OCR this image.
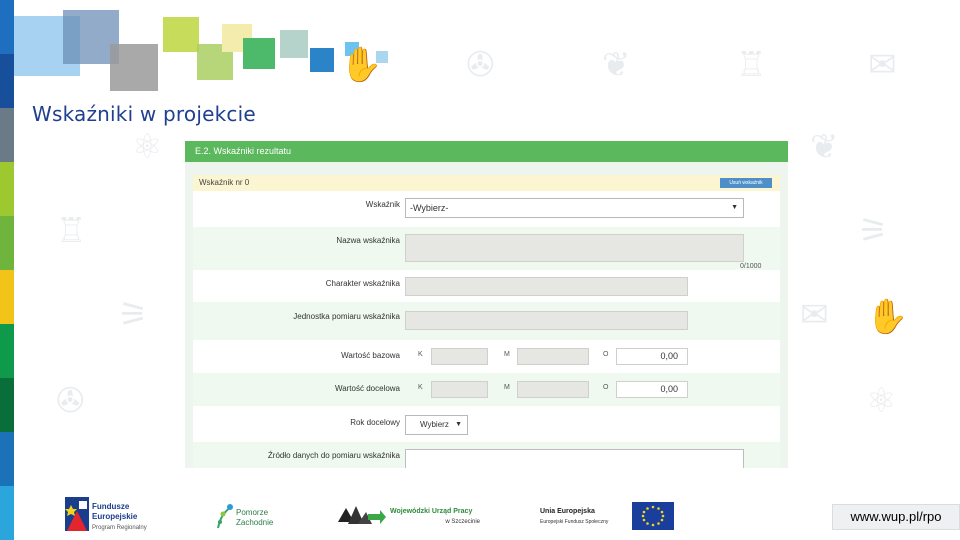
⚛	❦
✇	❦	♖	✉
♖	⚞
⚞	✉
✇	⚛
✋
✋
Wskaźniki w projekcie
E.2. Wskaźniki rezultatu
Wskaźnik nr 0	Usuń wskaźnik
Wskaźnik	-Wybierz-	▼
Nazwa wskaźnika
0/1000
Charakter wskaźnika
Jednostka pomiaru wskaźnika
Wartość bazowa	K	M	O	0,00
Wartość docelowa	K	M	O	0,00
Rok docelowy	Wybierz ▼
Źródło danych do pomiaru wskaźnika
Fundusze Europejskie
Program Regionalny
Pomorze Zachodnie
Wojewódzki Urząd Pracy
w Szczecinie
Unia Europejska
Europejski Fundusz Społeczny	www.wup.pl/rpo
